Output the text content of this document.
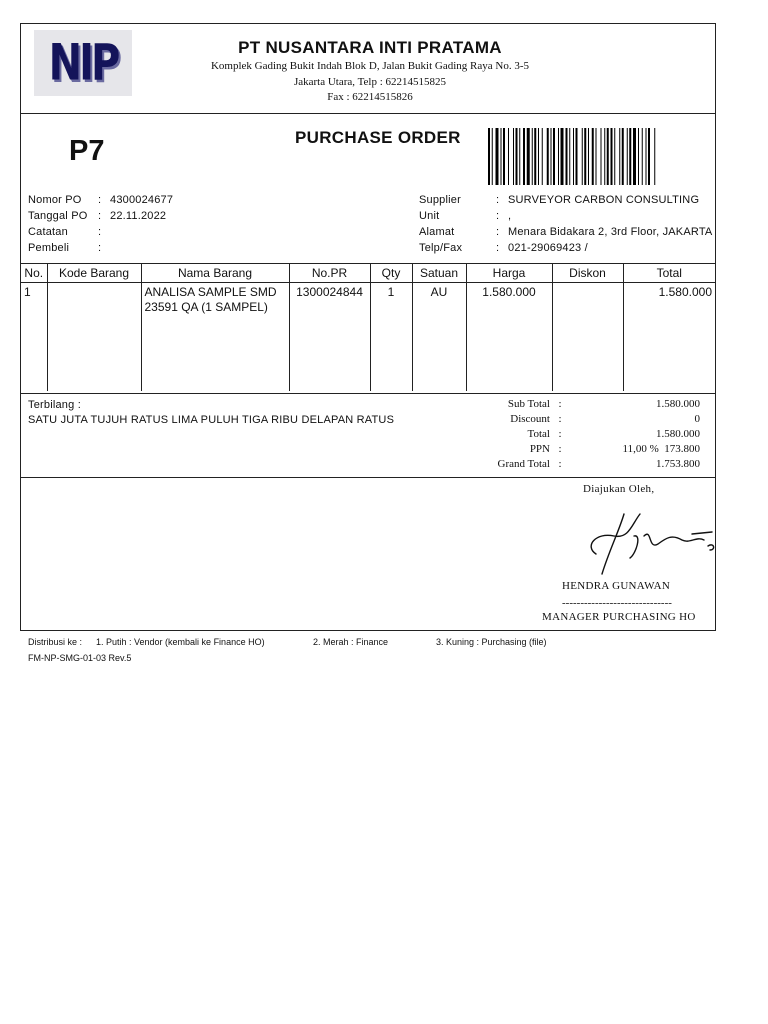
NIP	PT NUSANTARA INTI PRATAMA
Komplek Gading Bukit Indah Blok D, Jalan Bukit Gading Raya No. 3-5
Jakarta Utara, Telp : 62214515825
Fax : 62214515826
P7	PURCHASE ORDER
Nomor PO : 4300024677
Tanggal PO : 22.11.2022
Catatan	:
Pembeli	:
Supplier	: SURVEYOR CARBON CONSULTING
Unit	: ,
Alamat	: Menara Bidakara 2, 3rd Floor, JAKARTA
Telp/Fax	: 021-29069423 /
No.	Kode Barang	Nama Barang	No.PR	Qty	Satuan	Harga	Diskon	Total
1		ANALISA SAMPLE SMD 23591 QA (1 SAMPEL)	1300024844	1	AU	1.580.000		1.580.000
Terbilang :
SATU JUTA TUJUH RATUS LIMA PULUH TIGA RIBU DELAPAN RATUS
Sub Total :	1.580.000
Discount :	0
Total :	1.580.000
PPN :	11,00 %  173.800
Grand Total :	1.753.800
Diajukan Oleh,
HENDRA GUNAWAN
------------------------------
MANAGER PURCHASING HO
Distribusi ke : 1. Putih : Vendor (kembali ke Finance HO)	2. Merah : Finance	3. Kuning : Purchasing (file)
FM-NP-SMG-01-03 Rev.5
